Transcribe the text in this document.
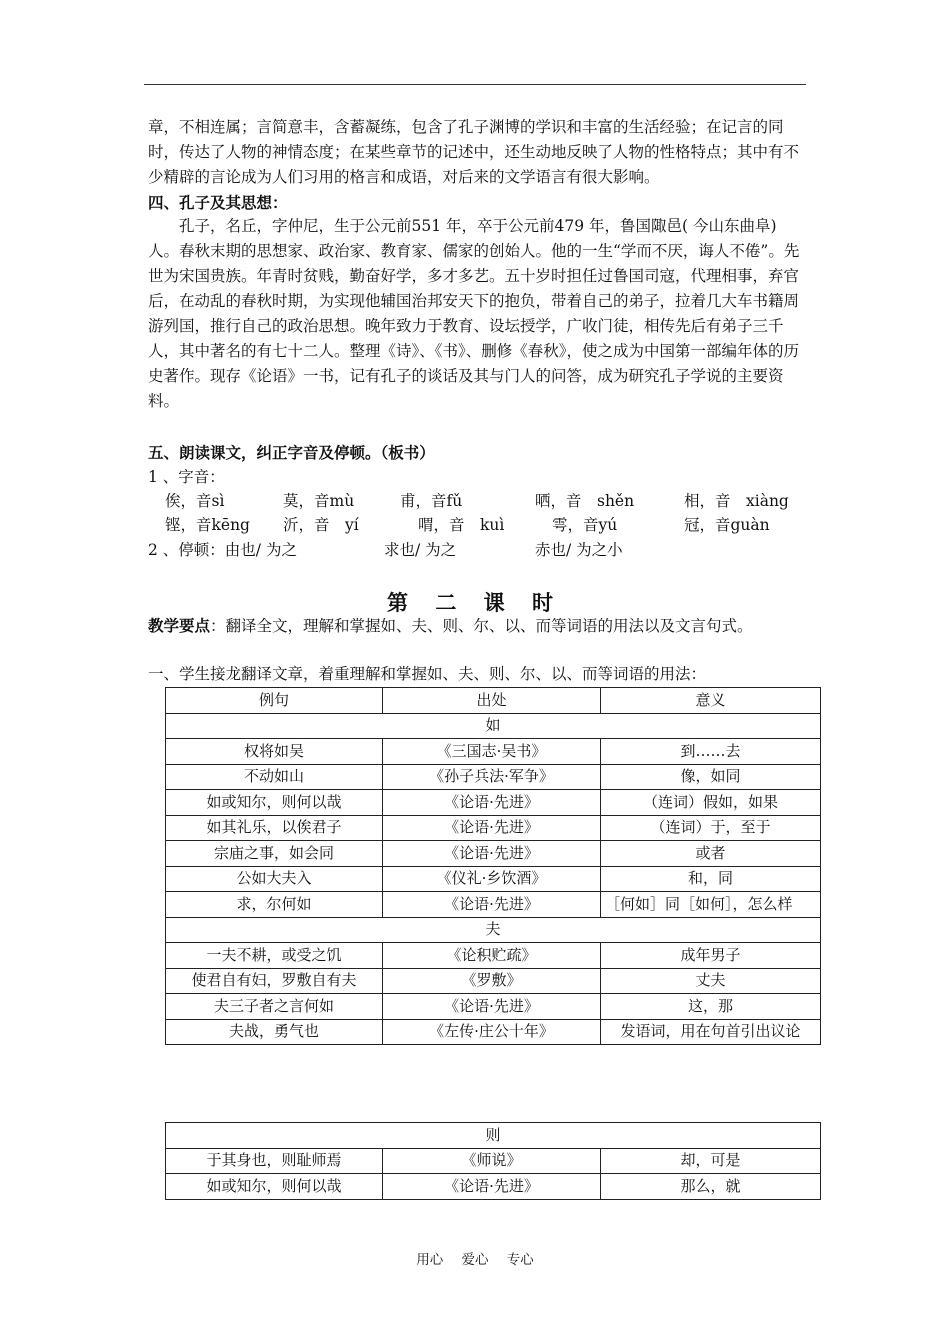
章，不相连属；言简意丰，含蓄凝练，包含了孔子渊博的学识和丰富的生活经验；在记言的同时，传达了人物的神情态度；在某些章节的记述中，还生动地反映了人物的性格特点；其中有不少精辟的言论成为人们习用的格言和成语，对后来的文学语言有很大影响。
四、孔子及其思想：
孔子，名丘，字仲尼，生于公元前551 年，卒于公元前479 年，鲁国陬邑( 今山东曲阜) 人。春秋末期的思想家、政治家、教育家、儒家的创始人。他的一生“学而不厌，诲人不倦”。先世为宋国贵族。年青时贫贱，勤奋好学，多才多艺。五十岁时担任过鲁国司寇，代理相事，弃官后，在动乱的春秋时期，为实现他辅国治邦安天下的抱负，带着自己的弟子，拉着几大车书籍周游列国，推行自己的政治思想。晚年致力于教育、设坛授学，广收门徒，相传先后有弟子三千人，其中著名的有七十二人。整理《诗》、《书》、删修《春秋》，使之成为中国第一部编年体的历史著作。现存《论语》一书，记有孔子的谈话及其与门人的问答，成为研究孔子学说的主要资料。
五、朗读课文，纠正字音及停顿。（板书）
1 、字音：
俟，音sì	莫，音mù	甫，音fǔ	哂，音　shěn	相，音　xiàng
铿，音kēng 沂，音　yí	喟，音　kuì	雩，音yú	冠，音guàn
2 、停顿：由也/ 为之	求也/ 为之	赤也/ 为之小
第 二 课 时
教学要点：翻译全文，理解和掌握如、夫、则、尔、以、而等词语的用法以及文言句式。
一、学生接龙翻译文章，着重理解和掌握如、夫、则、尔、以、而等词语的用法：
例句	出处	意义
如		
权将如吴	《三国志·吴书》	到……去
不动如山	《孙子兵法·军争》	像，如同
如或知尔，则何以哉	《论语·先进》	（连词）假如，如果
如其礼乐，以俟君子	《论语·先进》	（连词）于，至于
宗庙之事，如会同	《论语·先进》	或者
公如大夫入	《仪礼·乡饮酒》	和，同
求，尔何如	《论语·先进》	［何如］同［如何］，怎么样
夫		
一夫不耕，或受之饥	《论积贮疏》	成年男子
使君自有妇，罗敷自有夫	《罗敷》	丈夫
夫三子者之言何如	《论语·先进》	这，那
夫战，勇气也	《左传·庄公十年》	发语词，用在句首引出议论
则		
于其身也，则耻师焉	《师说》	却，可是
如或知尔，则何以哉	《论语·先进》	那么，就
用心 爱心 专心
